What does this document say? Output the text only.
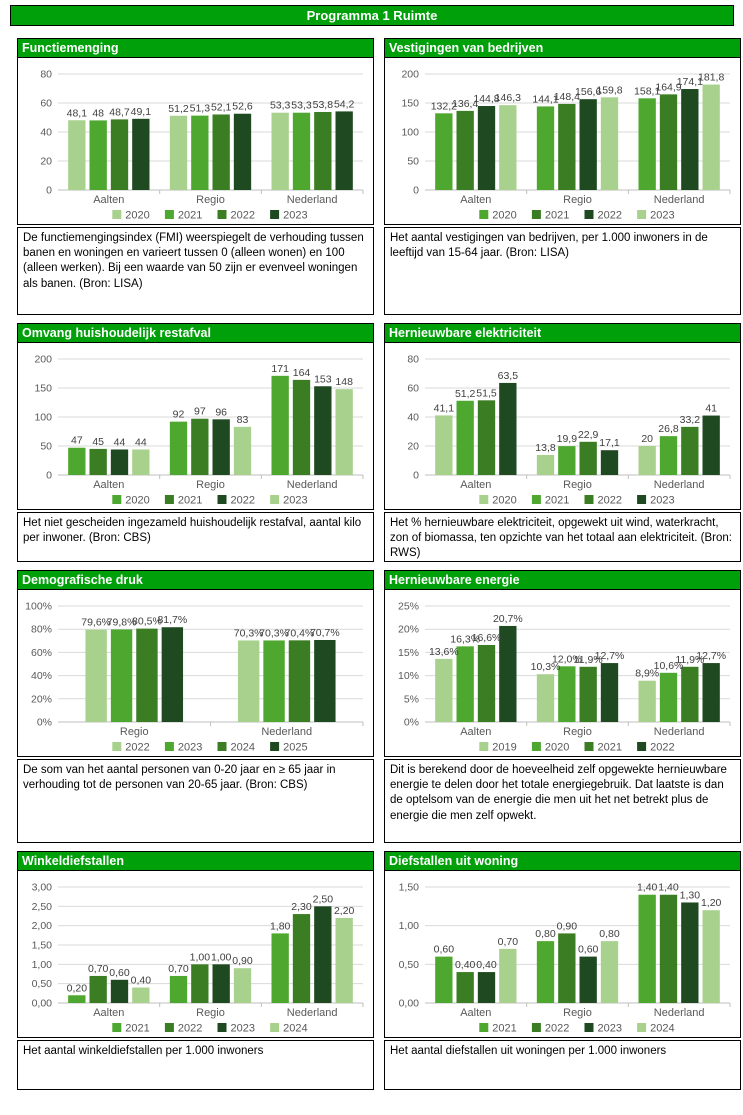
Programma 1 Ruimte
Functiemenging
0
20
40
60
80
48,1 48 48,7 49,1 51,2 51,3 52,1 52,6 53,3 53,3 53,8 54,2
Aalten	Regio	Nederland
2020	2021	2022	2023
De functiemengingsindex (FMI) weerspiegelt de verhouding tussen banen en woningen en varieert tussen 0 (alleen wonen) en 100 (alleen werken). Bij een waarde van 50 zijn er evenveel woningen als banen. (Bron: LISA)
Vestigingen van bedrijven
0
50
100
150
200
132,2
136,4
144,8
146,3 144,1
148,4
156,6
159,8 158,1
164,9
174,1
181,8
Aalten	Regio	Nederland
2020	2021	2022	2023
Het aantal vestigingen van bedrijven, per 1.000 inwoners in de leeftijd van 15-64 jaar. (Bron: LISA)
Omvang huishoudelijk restafval
0
50
100
150
200
47 45 44 44
92 97 96
83
171 164
153 148
Aalten	Regio	Nederland
2020	2021	2022	2023
Het niet gescheiden ingezameld huishoudelijk restafval, aantal kilo per inwoner. (Bron: CBS)
Hernieuwbare elektriciteit
0
20
40
60
80
41,1
51,2 51,5
63,5
13,8
19,9 22,9
17,1 20
26,8
33,2
41
Aalten	Regio	Nederland
2020	2021	2022	2023
Het % hernieuwbare elektriciteit, opgewekt uit wind, waterkracht, zon of biomassa, ten opzichte van het totaal aan elektriciteit. (Bron: RWS)
Demografische druk
0%
20%
40%
60%
80%
100%
79,6%
79,8%
80,5%
81,7%
70,3%
70,3%
70,4%
70,7%
Regio	Nederland
2022	2023	2024	2025
De som van het aantal personen van 0-20 jaar en ≥ 65 jaar in verhouding tot de personen van 20-65 jaar. (Bron: CBS)
Hernieuwbare energie
0%
5%
10%
15%
20%
25%
13,6%
16,3%
16,6%
20,7%
10,3%
12,0%
11,9%
12,7%
8,9%
10,6%
11,9%
12,7%
Aalten	Regio	Nederland
2019	2020	2021	2022
Dit is berekend door de hoeveelheid zelf opgewekte hernieuwbare energie te delen door het totale energiegebruik. Dat laatste is dan de optelsom van de energie die men uit het net betrekt plus de energie die men zelf opwekt.
Winkeldiefstallen
0,00
0,50
1,00
1,50
2,00
2,50
3,00
0,20
0,70 0,60
0,40
0,70
1,00 1,00 0,90
1,80
2,30
2,50
2,20
Aalten	Regio	Nederland
2021	2022	2023	2024
Het aantal winkeldiefstallen per 1.000 inwoners
Diefstallen uit woning
0,00
0,50
1,00
1,50
0,60
0,40 0,40
0,70
0,80
0,90
0,60
0,80
1,40 1,40
1,30
1,20
Aalten	Regio	Nederland
2021	2022	2023	2024
Het aantal diefstallen uit woningen per 1.000 inwoners
